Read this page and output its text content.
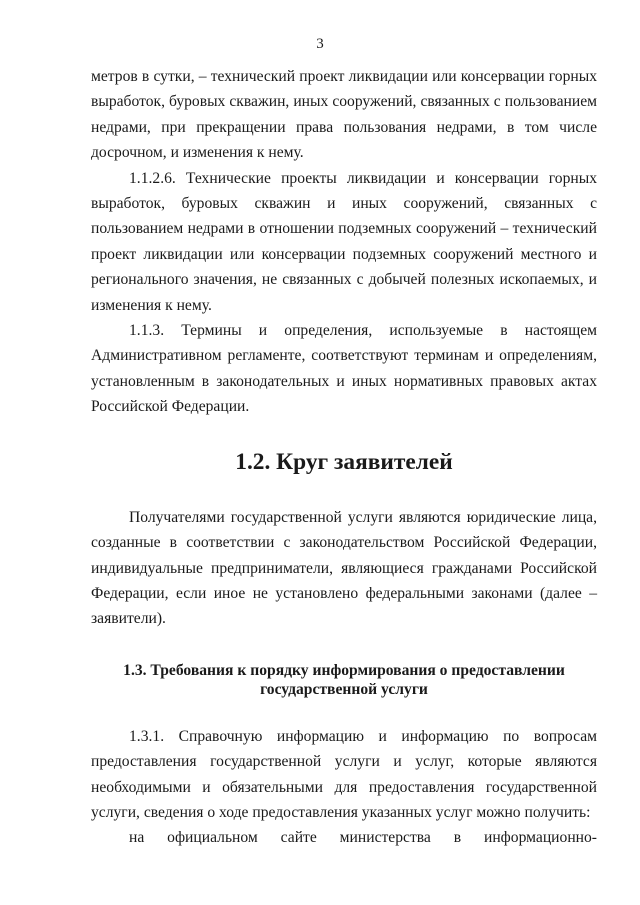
3

метров в сутки, – технический проект ликвидации или консервации горных выработок, буровых скважин, иных сооружений, связанных с пользованием недрами, при прекращении права пользования недрами, в том числе досрочном, и изменения к нему.

1.1.2.6. Технические проекты ликвидации и консервации горных выработок, буровых скважин и иных сооружений, связанных с пользованием недрами в отношении подземных сооружений – технический проект ликвидации или консервации подземных сооружений местного и регионального значения, не связанных с добычей полезных ископаемых, и изменения к нему.

1.1.3. Термины и определения, используемые в настоящем Административном регламенте, соответствуют терминам и определениям, установленным в законодательных и иных нормативных правовых актах Российской Федерации.

1.2. Круг заявителей

Получателями государственной услуги являются юридические лица, созданные в соответствии с законодательством Российской Федерации, индивидуальные предприниматели, являющиеся гражданами Российской Федерации, если иное не установлено федеральными законами (далее – заявители).

1.3. Требования к порядку информирования о предоставлении
государственной услуги

1.3.1. Справочную информацию и информацию по вопросам предоставления государственной услуги и услуг, которые являются необходимыми и обязательными для предоставления государственной услуги, сведения о ходе предоставления указанных услуг можно получить:

на официальном сайте министерства в информационно-
